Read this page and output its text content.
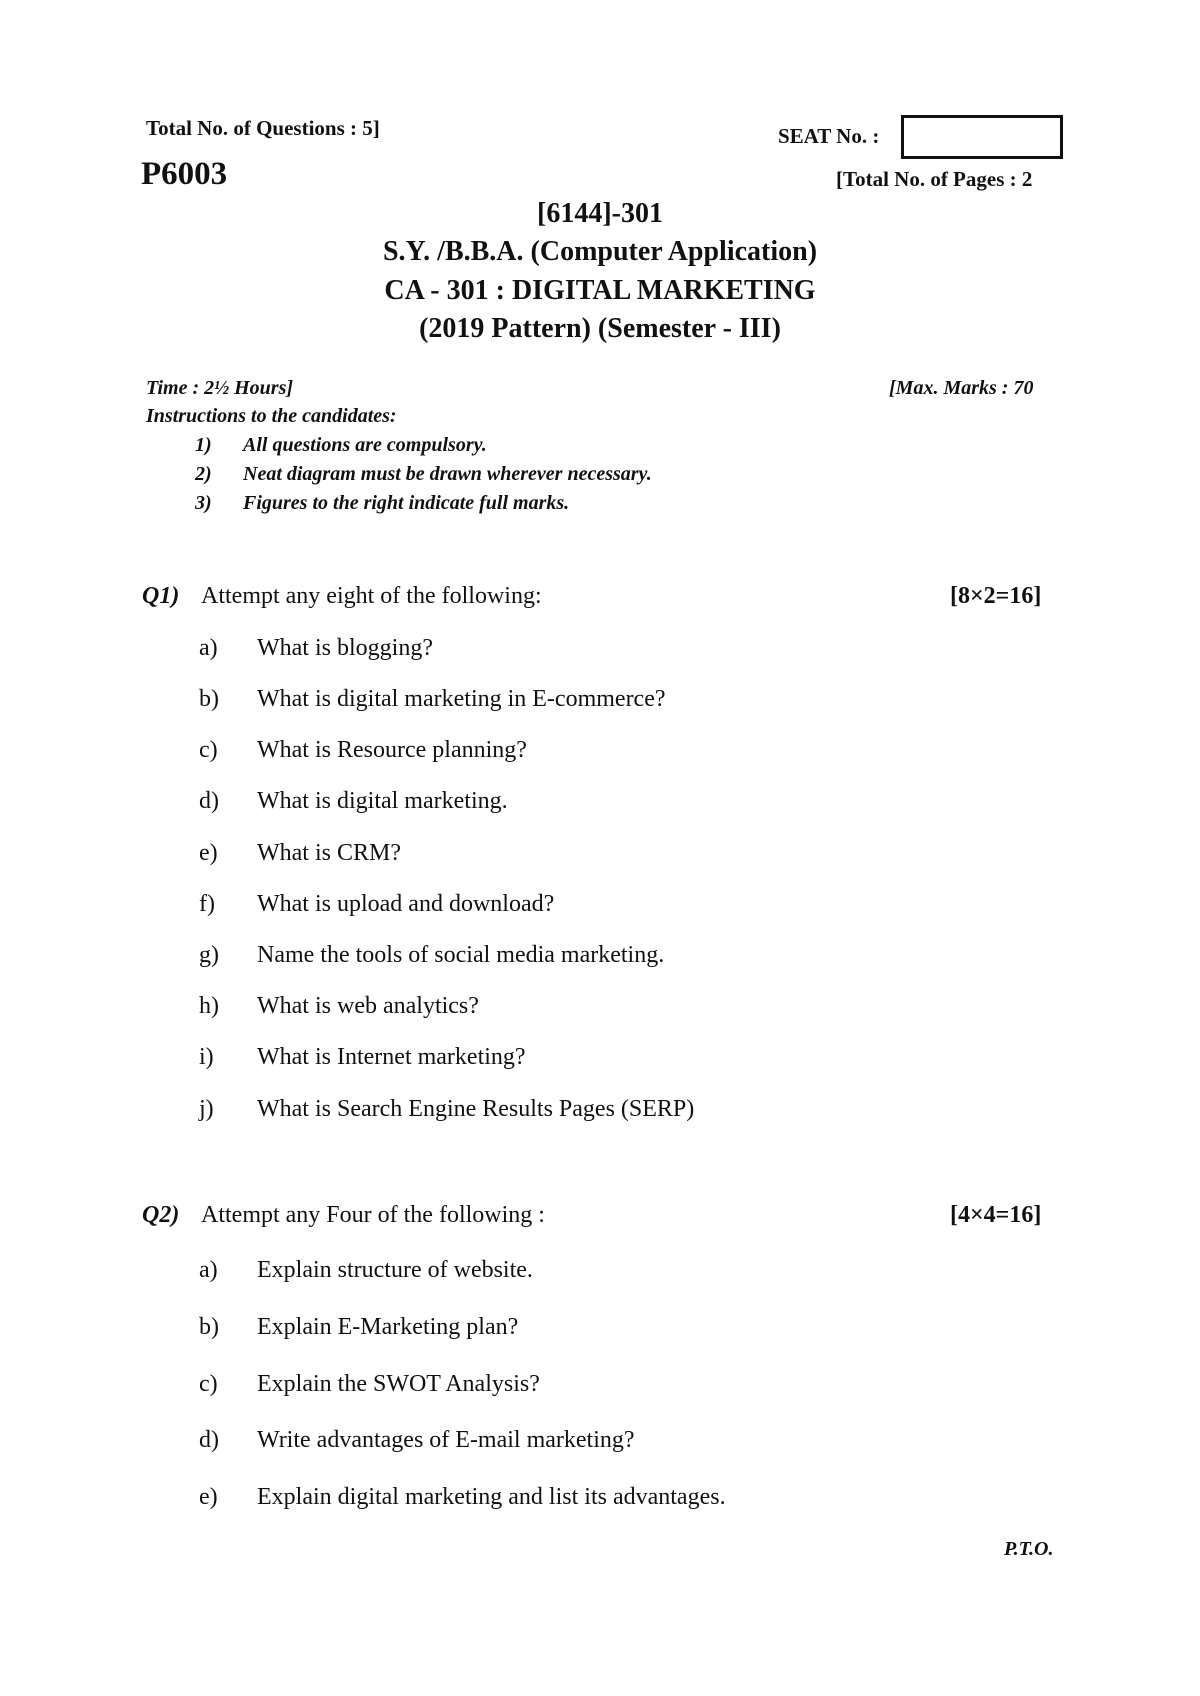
Total No. of Questions : 5]	SEAT No. :
P6003	[Total No. of Pages : 2
[6144]-301
S.Y. /B.B.A. (Computer Application)
CA - 301 : DIGITAL MARKETING
(2019 Pattern) (Semester - III)
Time : 2½ Hours]	[Max. Marks : 70
Instructions to the candidates:
1) All questions are compulsory.
2) Neat diagram must be drawn wherever necessary.
3) Figures to the right indicate full marks.
Q1) Attempt any eight of the following:	[8×2=16]
a) What is blogging?
b) What is digital marketing in E-commerce?
c) What is Resource planning?
d) What is digital marketing.
e) What is CRM?
f) What is upload and download?
g) Name the tools of social media marketing.
h) What is web analytics?
i) What is Internet marketing?
j) What is Search Engine Results Pages (SERP)
Q2) Attempt any Four of the following :	[4×4=16]
a) Explain structure of website.
b) Explain E-Marketing plan?
c) Explain the SWOT Analysis?
d) Write advantages of E-mail marketing?
e) Explain digital marketing and list its advantages.
P.T.O.
